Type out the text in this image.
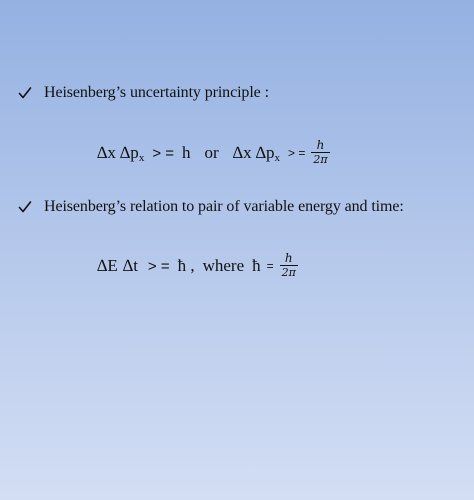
Heisenberg’s uncertainty principle :
∆x ∆p x > = h or ∆x ∆p x > = $\frac{h}{2\pi}$
Heisenberg’s relation to pair of variable energy and time:
∆E ∆t > = ħ , where ħ = $\frac{h}{2\pi}$
